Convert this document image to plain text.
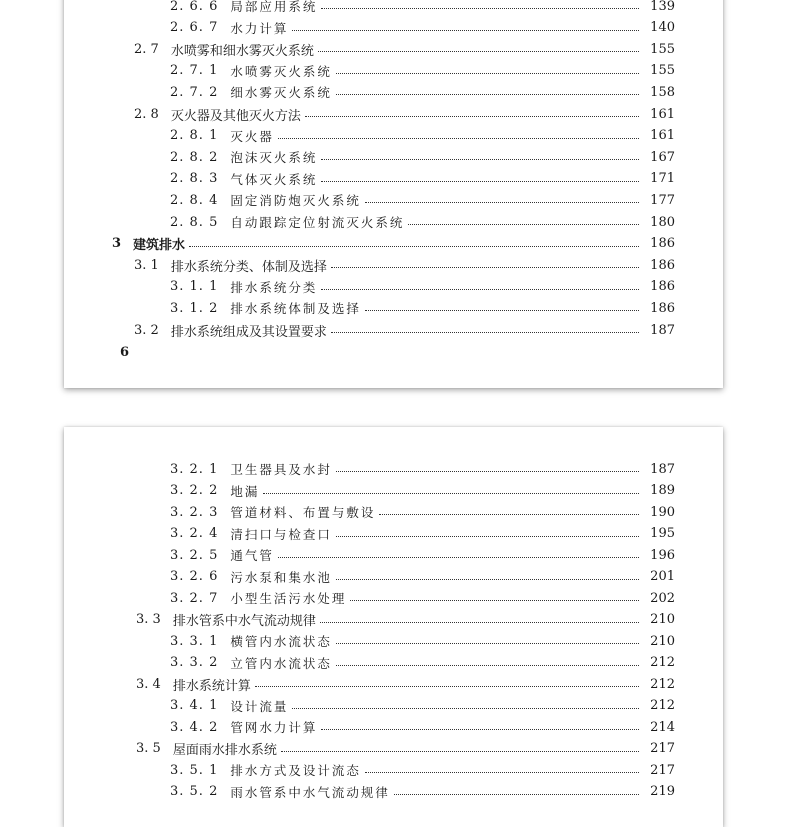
2. 6. 6 局部应用系统	139
2. 6. 7 水力计算	140
2. 7 水喷雾和细水雾灭火系统	155
2. 7. 1 水喷雾灭火系统	155
2. 7. 2 细水雾灭火系统	158
2. 8 灭火器及其他灭火方法	161
2. 8. 1 灭火器	161
2. 8. 2 泡沫灭火系统	167
2. 8. 3 气体灭火系统	171
2. 8. 4 固定消防炮灭火系统	177
2. 8. 5 自动跟踪定位射流灭火系统	180
3 建筑排水	186
3. 1 排水系统分类、体制及选择	186
3. 1. 1 排水系统分类	186
3. 1. 2 排水系统体制及选择	186
3. 2 排水系统组成及其设置要求	187
6
3. 2. 1 卫生器具及水封	187
3. 2. 2 地漏	189
3. 2. 3 管道材料、布置与敷设	190
3. 2. 4 清扫口与检查口	195
3. 2. 5 通气管	196
3. 2. 6 污水泵和集水池	201
3. 2. 7 小型生活污水处理	202
3. 3 排水管系中水气流动规律	210
3. 3. 1 横管内水流状态	210
3. 3. 2 立管内水流状态	212
3. 4 排水系统计算	212
3. 4. 1 设计流量	212
3. 4. 2 管网水力计算	214
3. 5 屋面雨水排水系统	217
3. 5. 1 排水方式及设计流态	217
3. 5. 2 雨水管系中水气流动规律	219
